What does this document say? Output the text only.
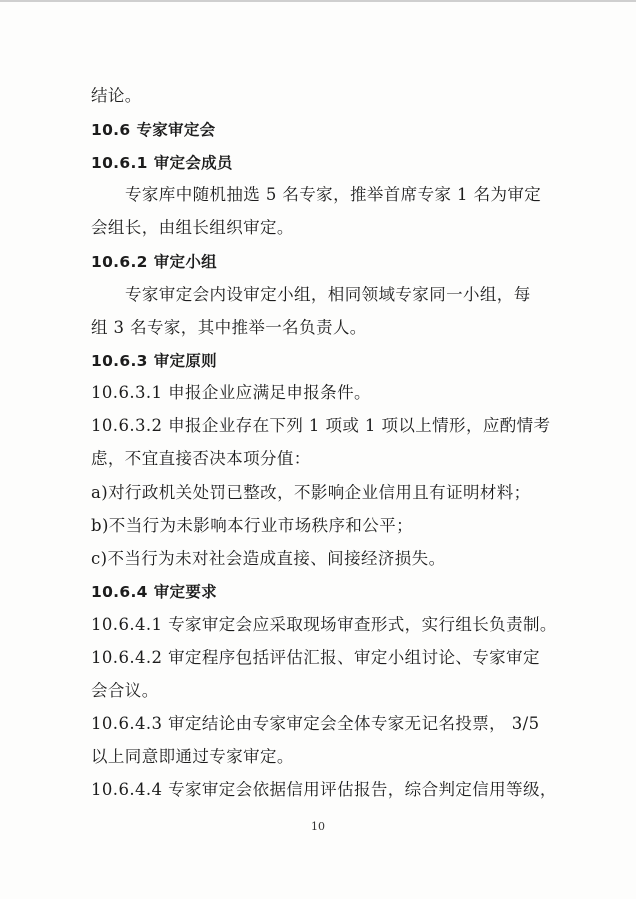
结论。
10.6 专家审定会
10.6.1 审定会成员
专家库中随机抽选 5 名专家，推举首席专家 1 名为审定
会组长，由组长组织审定。
10.6.2 审定小组
专家审定会内设审定小组，相同领域专家同一小组，每
组 3 名专家，其中推举一名负责人。
10.6.3 审定原则
10.6.3.1 申报企业应满足申报条件。
10.6.3.2 申报企业存在下列 1 项或 1 项以上情形，应酌情考
虑，不宜直接否决本项分值：
a)对行政机关处罚已整改，不影响企业信用且有证明材料；
b)不当行为未影响本行业市场秩序和公平；
c)不当行为未对社会造成直接、间接经济损失。
10.6.4 审定要求
10.6.4.1 专家审定会应采取现场审查形式，实行组长负责制。
10.6.4.2 审定程序包括评估汇报、审定小组讨论、专家审定
会合议。
10.6.4.3 审定结论由专家审定会全体专家无记名投票， 3/5
以上同意即通过专家审定。
10.6.4.4 专家审定会依据信用评估报告，综合判定信用等级，
10
